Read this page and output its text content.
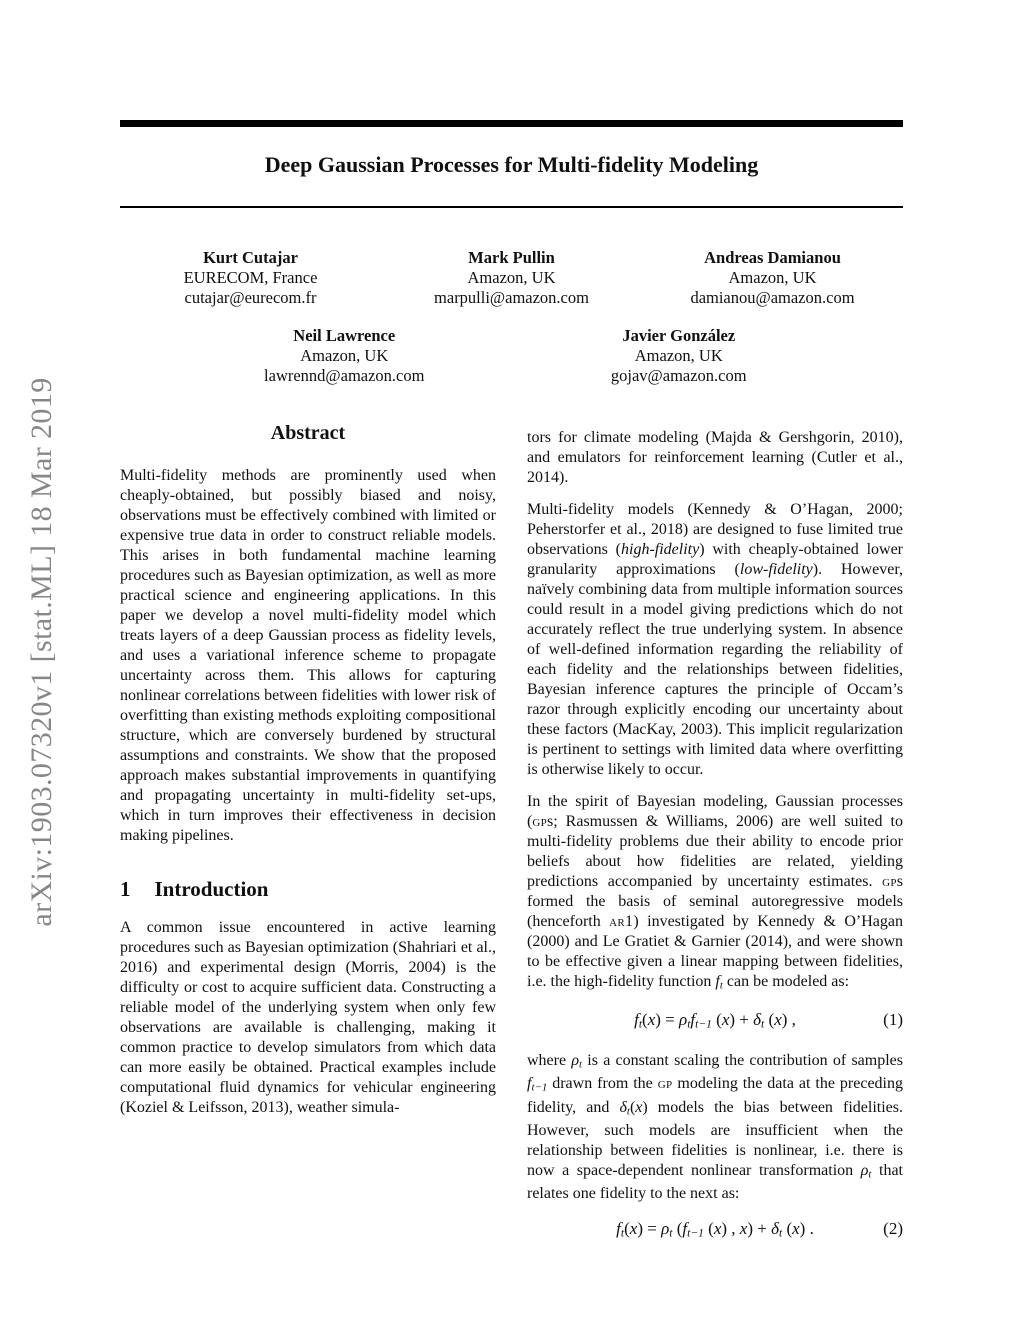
arXiv:1903.07320v1 [stat.ML] 18 Mar 2019
Deep Gaussian Processes for Multi-fidelity Modeling
Kurt Cutajar
EURECOM, France
cutajar@eurecom.fr
Mark Pullin
Amazon, UK
marpulli@amazon.com
Andreas Damianou
Amazon, UK
damianou@amazon.com
Neil Lawrence
Amazon, UK
lawrennd@amazon.com
Javier González
Amazon, UK
gojav@amazon.com
Abstract

Multi-fidelity methods are prominently used when cheaply-obtained, but possibly biased and noisy, observations must be effectively combined with limited or expensive true data in order to construct reliable models. This arises in both fundamental machine learning procedures such as Bayesian optimization, as well as more practical science and engineering applications. In this paper we develop a novel multi-fidelity model which treats layers of a deep Gaussian process as fidelity levels, and uses a variational inference scheme to propagate uncertainty across them. This allows for capturing nonlinear correlations between fidelities with lower risk of overfitting than existing methods exploiting compositional structure, which are conversely burdened by structural assumptions and constraints. We show that the proposed approach makes substantial improvements in quantifying and propagating uncertainty in multi-fidelity set-ups, which in turn improves their effectiveness in decision making pipelines.

1 Introduction

A common issue encountered in active learning procedures such as Bayesian optimization (Shahriari et al., 2016) and experimental design (Morris, 2004) is the difficulty or cost to acquire sufficient data. Constructing a reliable model of the underlying system when only few observations are available is challenging, making it common practice to develop simulators from which data can more easily be obtained. Practical examples include computational fluid dynamics for vehicular engineering (Koziel & Leifsson, 2013), weather simula-

tors for climate modeling (Majda & Gershgorin, 2010), and emulators for reinforcement learning (Cutler et al., 2014).

Multi-fidelity models (Kennedy & O’Hagan, 2000; Peherstorfer et al., 2018) are designed to fuse limited true observations (high-fidelity) with cheaply-obtained lower granularity approximations (low-fidelity). However, naïvely combining data from multiple information sources could result in a model giving predictions which do not accurately reflect the true underlying system. In absence of well-defined information regarding the reliability of each fidelity and the relationships between fidelities, Bayesian inference captures the principle of Occam’s razor through explicitly encoding our uncertainty about these factors (MacKay, 2003). This implicit regularization is pertinent to settings with limited data where overfitting is otherwise likely to occur.

In the spirit of Bayesian modeling, Gaussian processes (gps; Rasmussen & Williams, 2006) are well suited to multi-fidelity problems due their ability to encode prior beliefs about how fidelities are related, yielding predictions accompanied by uncertainty estimates. gps formed the basis of seminal autoregressive models (henceforth ar1) investigated by Kennedy & O’Hagan (2000) and Le Gratiet & Garnier (2014), and were shown to be effective given a linear mapping between fidelities, i.e. the high-fidelity function ft can be modeled as:

ft(x) = ρtft−1 (x) + δt (x) ,	(1)

where ρt is a constant scaling the contribution of samples ft−1 drawn from the gp modeling the data at the preceding fidelity, and δt(x) models the bias between fidelities. However, such models are insufficient when the relationship between fidelities is nonlinear, i.e. there is now a space-dependent nonlinear transformation ρt that relates one fidelity to the next as:

ft(x) = ρt (ft−1 (x) , x) + δt (x) .	(2)
